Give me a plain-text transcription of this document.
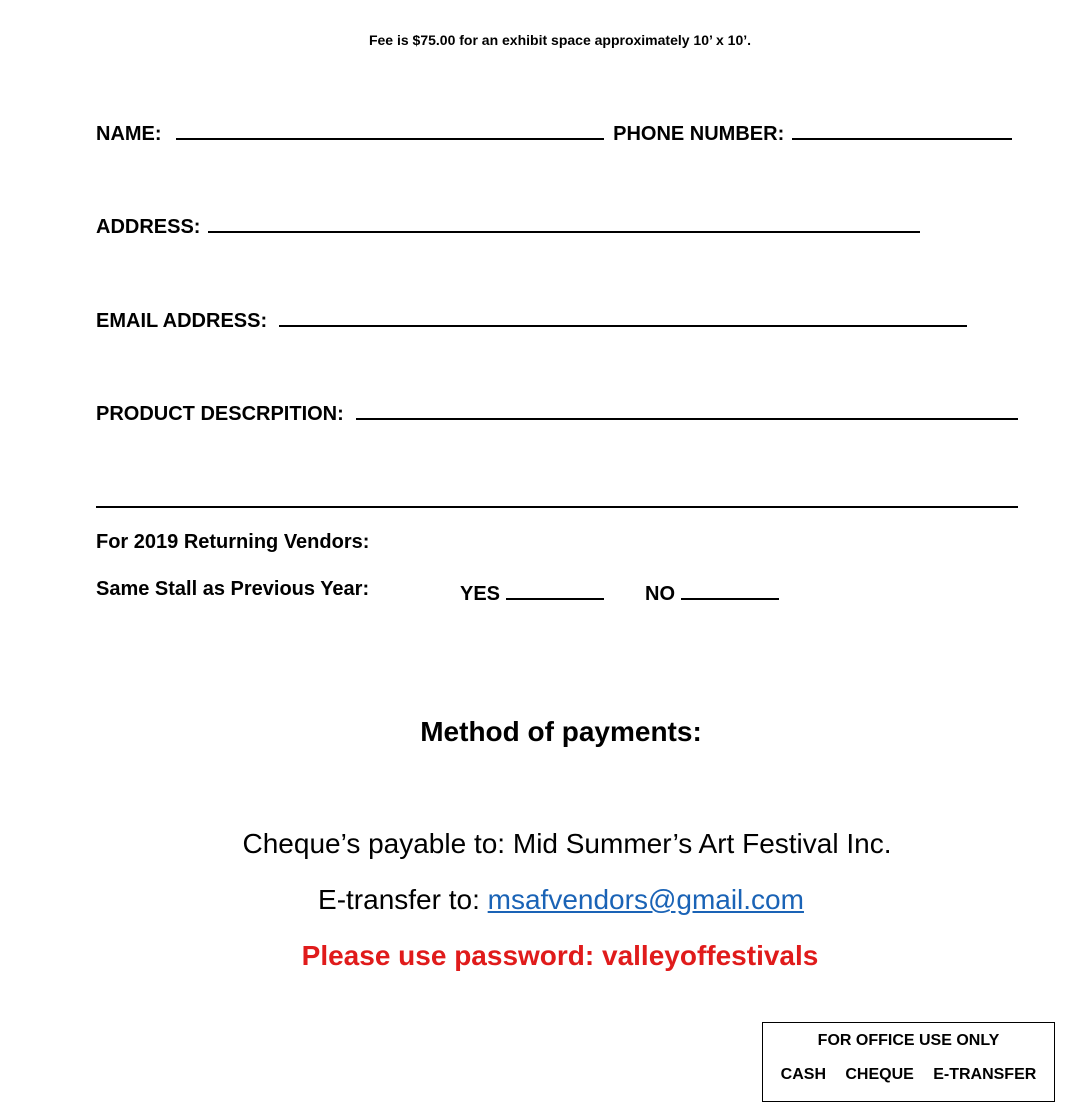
Fee is $75.00 for an exhibit space approximately 10’ x 10’.
NAME:	PHONE NUMBER:
ADDRESS:
EMAIL ADDRESS:
PRODUCT DESCRPITION:
For 2019 Returning Vendors:
Same Stall as Previous Year:	YES	NO
Method of payments:
Cheque’s payable to: Mid Summer’s Art Festival Inc.
E-transfer to: msafvendors@gmail.com
Please use password: valleyoffestivals
FOR OFFICE USE ONLY
CASH CHEQUE E-TRANSFER
